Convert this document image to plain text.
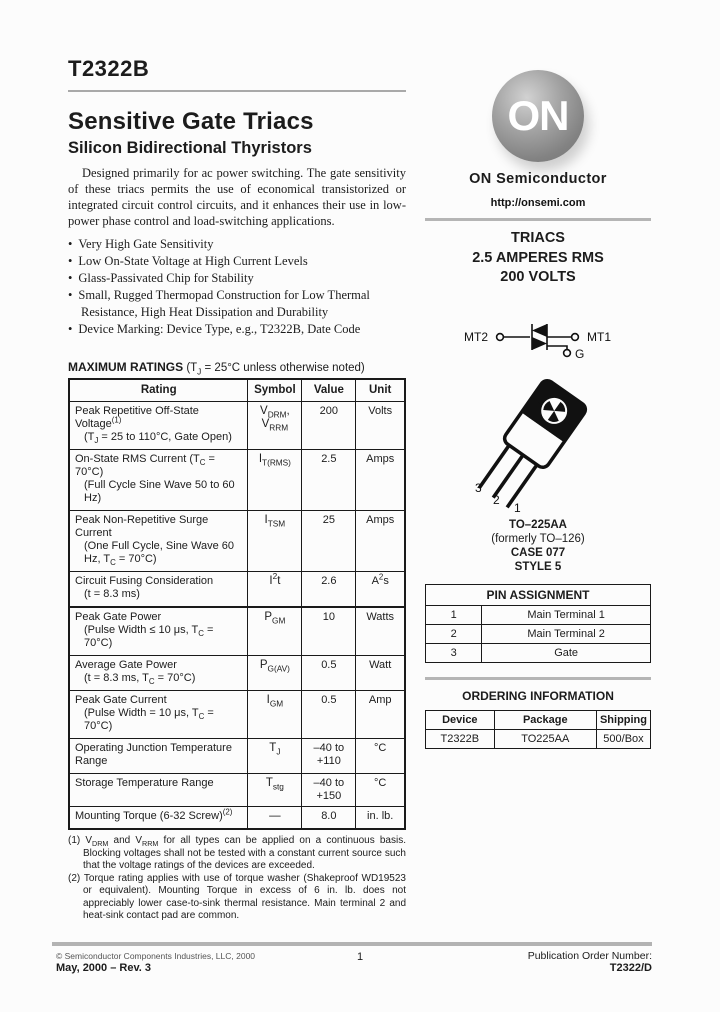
T2322B
Sensitive Gate Triacs
Silicon Bidirectional Thyristors
Designed primarily for ac power switching. The gate sensitivity of these triacs permits the use of economical transistorized or integrated circuit control circuits, and it enhances their use in low-power phase control and load-switching applications.
• Very High Gate Sensitivity
• Low On-State Voltage at High Current Levels
• Glass-Passivated Chip for Stability
• Small, Rugged Thermopad Construction for Low Thermal Resistance, High Heat Dissipation and Durability
• Device Marking: Device Type, e.g., T2322B, Date Code
MAXIMUM RATINGS ($T_J = 25^\circ C$ unless otherwise noted)
Rating	Symbol	Value	Unit
Peak Repetitive Off-State Voltage$^{(1)}$
($T_J = 25$ to 110°C, Gate Open)	$V_{DRM}$, $V_{RRM}$	200	Volts
On-State RMS Current $(T_C = 70^\circ C)$
(Full Cycle Sine Wave 50 to 60 Hz)	$I_{T(RMS)}$	2.5	Amps
Peak Non-Repetitive Surge Current
(One Full Cycle, Sine Wave 60 Hz, $T_C = 70^\circ C$)	$I_{TSM}$	25	Amps
Circuit Fusing Consideration
(t = 8.3 ms)	$I^2t$	2.6	$A^2s$
Peak Gate Power
(Pulse Width ≤ 10 μs, $T_C = 70^\circ C$)	$P_{GM}$	10	Watts
Average Gate Power
(t = 8.3 ms, $T_C = 70^\circ C$)	$P_{G(AV)}$	0.5	Watt
Peak Gate Current
(Pulse Width = 10 μs, $T_C = 70^\circ C$)	$I_{GM}$	0.5	Amp
Operating Junction Temperature Range	$T_J$	–40 to +110	°C
Storage Temperature Range	$T_{stg}$	–40 to +150	°C
Mounting Torque (6-32 Screw)$^{(2)}$	—	8.0	in. lb.
(1) $V_{DRM}$ and $V_{RRM}$ for all types can be applied on a continuous basis. Blocking voltages shall not be tested with a constant current source such that the voltage ratings of the devices are exceeded.
(2) Torque rating applies with use of torque washer (Shakeproof WD19523 or equivalent). Mounting Torque in excess of 6 in. lb. does not appreciably lower case-to-sink thermal resistance. Main terminal 2 and heat-sink contact pad are common.
ON
ON Semiconductor
http://onsemi.com
TRIACS
2.5 AMPERES RMS
200 VOLTS
MT2	MT1
G
3
2
1
TO–225AA
(formerly TO–126)
CASE 077
STYLE 5
PIN ASSIGNMENT	
1	Main Terminal 1
2	Main Terminal 2
3	Gate
ORDERING INFORMATION
Device	Package	Shipping
T2322B	TO225AA	500/Box
© Semiconductor Components Industries, LLC, 2000
May, 2000 – Rev. 3
1	Publication Order Number:
T2322/D
